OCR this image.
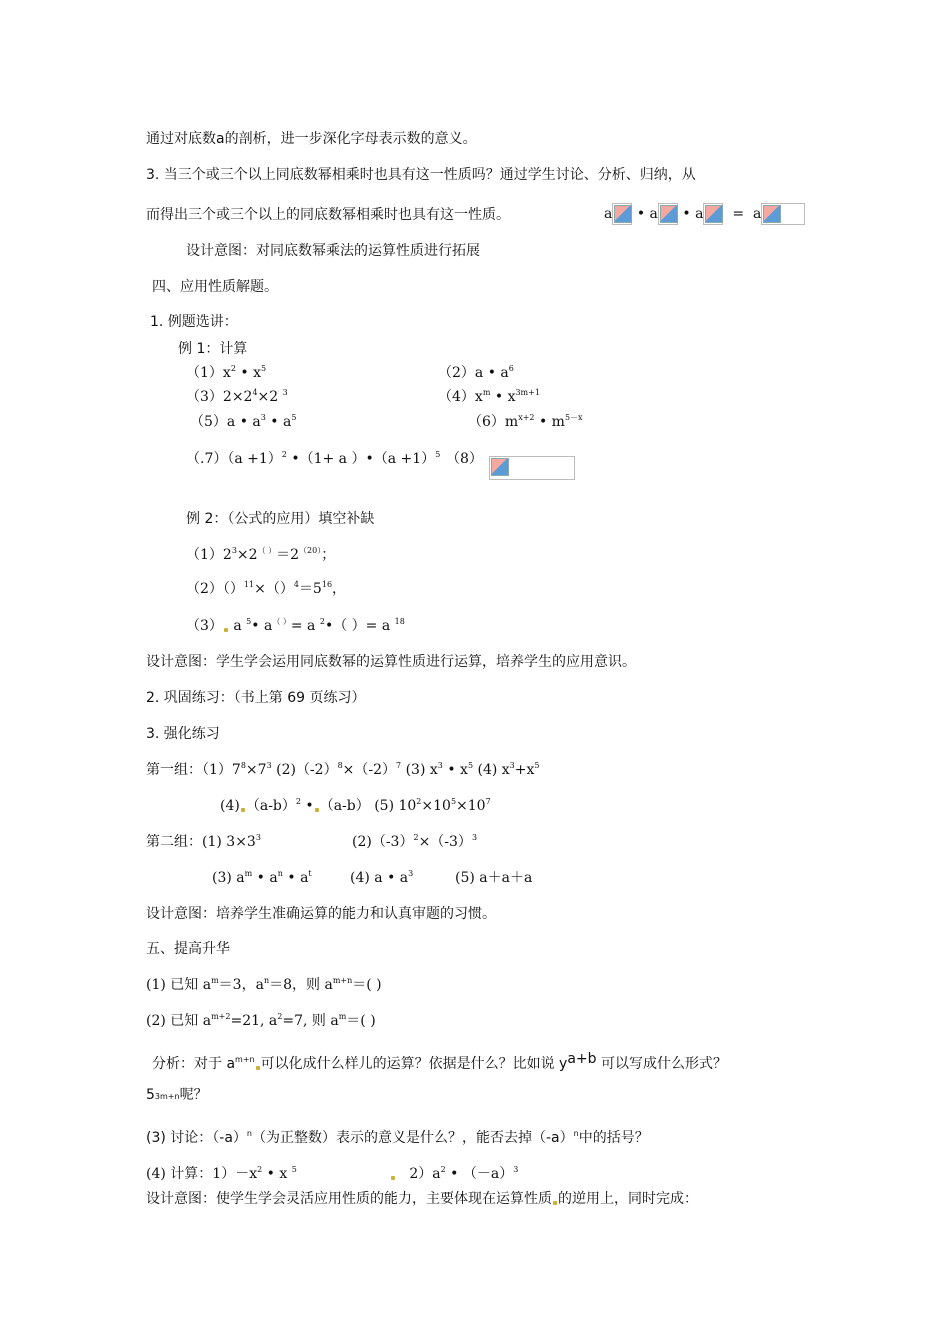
通过对底数a的剖析，进一步深化字母表示数的意义。
3. 当三个或三个以上同底数幂相乘时也具有这一性质吗？通过学生讨论、分析、归纳，从
而得出三个或三个以上的同底数幂相乘时也具有这一性质。	a • a • a = a
设计意图：对同底数幂乘法的运算性质进行拓展
四、应用性质解题。
1. 例题选讲：
例 1：计算
$(1)x^2$ • $x^5$	（2）a • $a^6$
$(3)2\times 2^4\times 2$ $^3$	$(4)x^m$ • $x^{3m+1}$
（5）a • $a^3$ • $a^5$	$(6)m^{x+2}$ • $m^{5-x}$
$(.7)(a +1)^2$ •（1+ a ）•（a +1）$^5$ （8）
例 2：（公式的应用）填空补缺
$(1)2^3\times 2^{( )}=2^{(20)}$；
$(2)()^{11}\times()^4=5^{16}$，
（3） a $^5$• a（ ）= a $^2$•（ ）= a $^{18}$
设计意图：学生学会运用同底数幂的运算性质进行运算，培养学生的应用意识。
2. 巩固练习：（书上第 69 页练习）
3. 强化练习
第一组：$(1)7^8\times 7^3$ $(2)(-2)^8\times(-2)^7$ (3) $x^3$ • $x^5$ (4) $x^3+x^5$
(4) $(a-b)^2$ • （a-b） (5) $10^2\times 10^5\times 10^7$
第二组：(1) $3\times 3^3$	$(2)(-3)^2\times(-3)^3$
(3) $a^m$ • $a^n$ • $a^t$	(4) a • $a^3$	(5) a＋a＋a
设计意图：培养学生准确运算的能力和认真审题的习惯。
五、提高升华
(1) 已知 $a^m=3$，$a^n=8$，则 $a^{m+n}=$( )
(2) 已知 $a^{m+2}=21$, $a^2=7$, 则 $a^m=$( )
分析：对于 $a^{m+n}$ 可以化成什么样儿的运算？依据是什么？比如说 ya+b 可以写成什么形式？
53m+n呢？
(3) 讨论：$(-a)^n$（为正整数）表示的意义是什么？，能否去掉$(-a)^n$中的括号？
(4) 计算：$1)-x^2$ • x $^5$	$2)a^2$ • $(-a)^3$
设计意图：使学生学会灵活应用性质的能力，主要体现在运算性质 的逆用上，同时完成：
